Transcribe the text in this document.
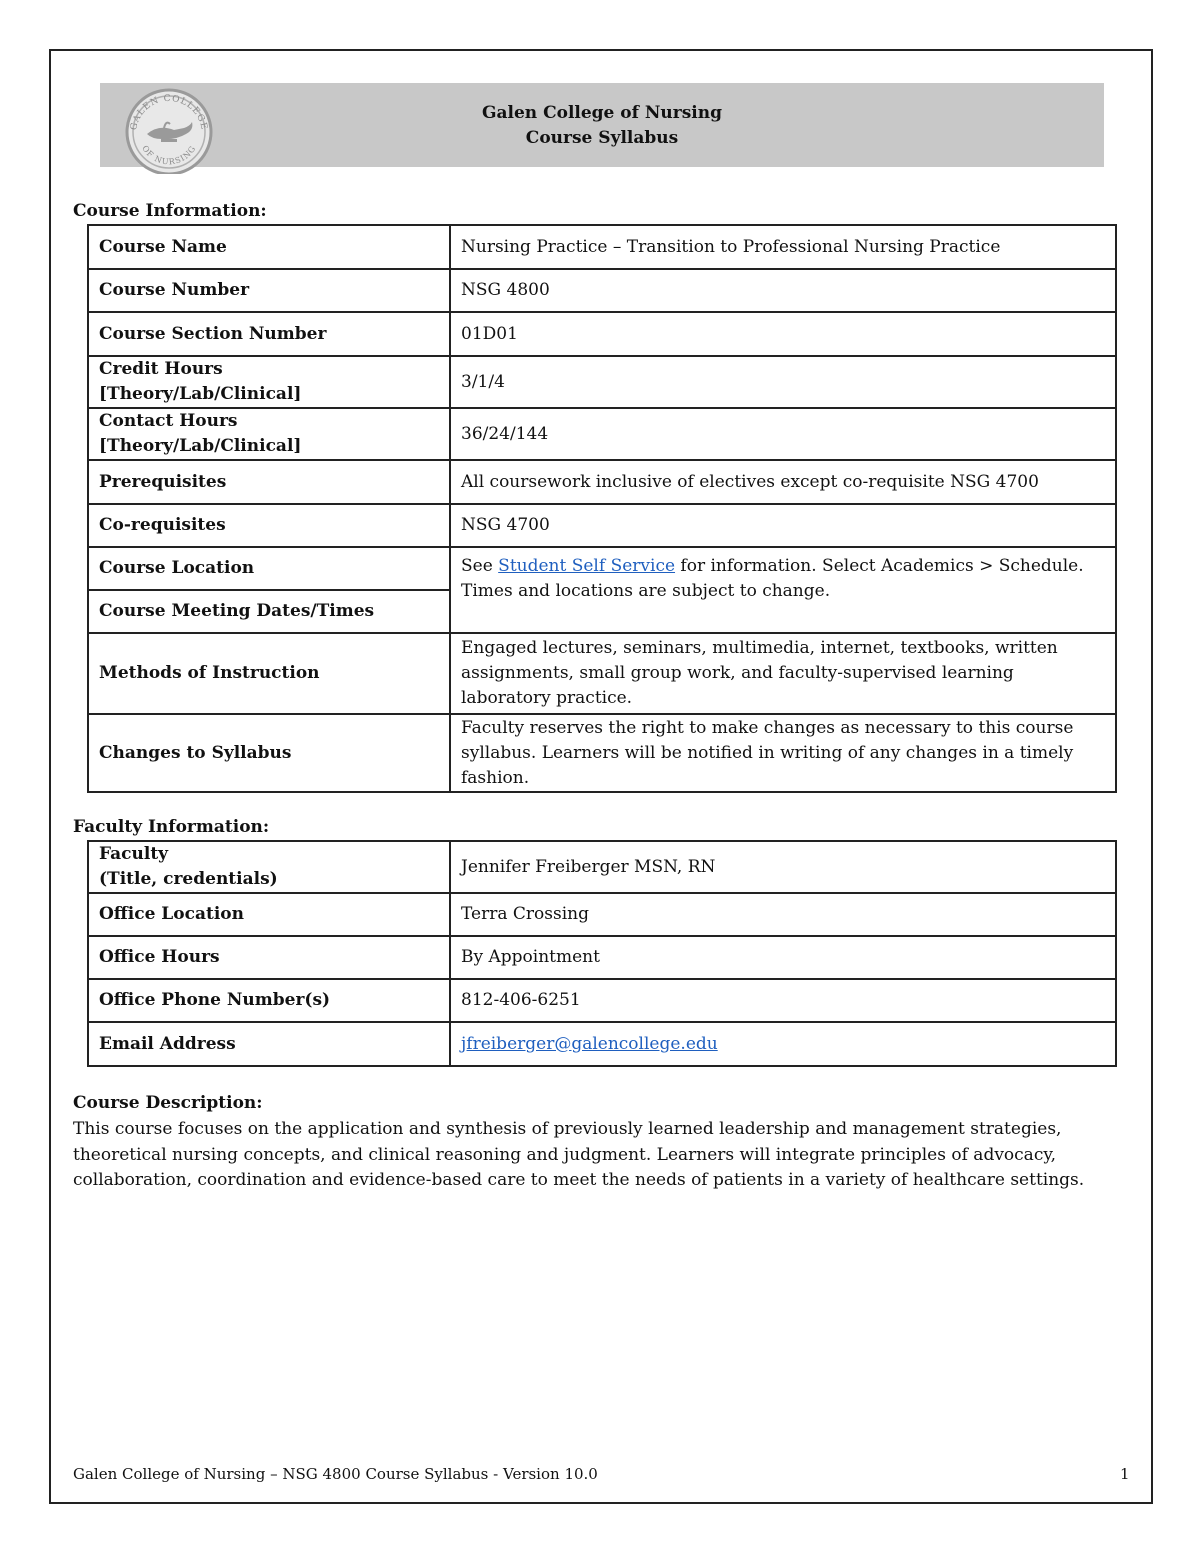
GALEN COLLEGE
OF NURSING
Galen College of Nursing
Course Syllabus
Course Information:
Course Name	Nursing Practice – Transition to Professional Nursing Practice
Course Number	NSG 4800
Course Section Number	01D01

Credit Hours
[Theory/Lab/Clinical]	3/1/4

Contact Hours
[Theory/Lab/Clinical]	36/24/144
Prerequisites	All coursework inclusive of electives except co-requisite NSG 4700
Co-requisites	NSG 4700
Course Location	See Student Self Service for information. Select Academics > Schedule.
Times and locations are subject to change.

Course Meeting Dates/Times	
Methods of Instruction	Engaged lectures, seminars, multimedia, internet, textbooks, written assignments, small group work, and faculty-supervised learning laboratory practice.
Changes to Syllabus	Faculty reserves the right to make changes as necessary to this course syllabus. Learners will be notified in writing of any changes in a timely fashion.
Faculty Information:
Faculty
(Title, credentials)	Jennifer Freiberger MSN, RN
Office Location	Terra Crossing
Office Hours	By Appointment
Office Phone Number(s)	812-406-6251
Email Address	jfreiberger@galencollege.edu
Course Description:
This course focuses on the application and synthesis of previously learned leadership and management strategies, theoretical nursing concepts, and clinical reasoning and judgment. Learners will integrate principles of advocacy, collaboration, coordination and evidence-based care to meet the needs of patients in a variety of healthcare settings.
Galen College of Nursing – NSG 4800 Course Syllabus - Version 10.0	1
